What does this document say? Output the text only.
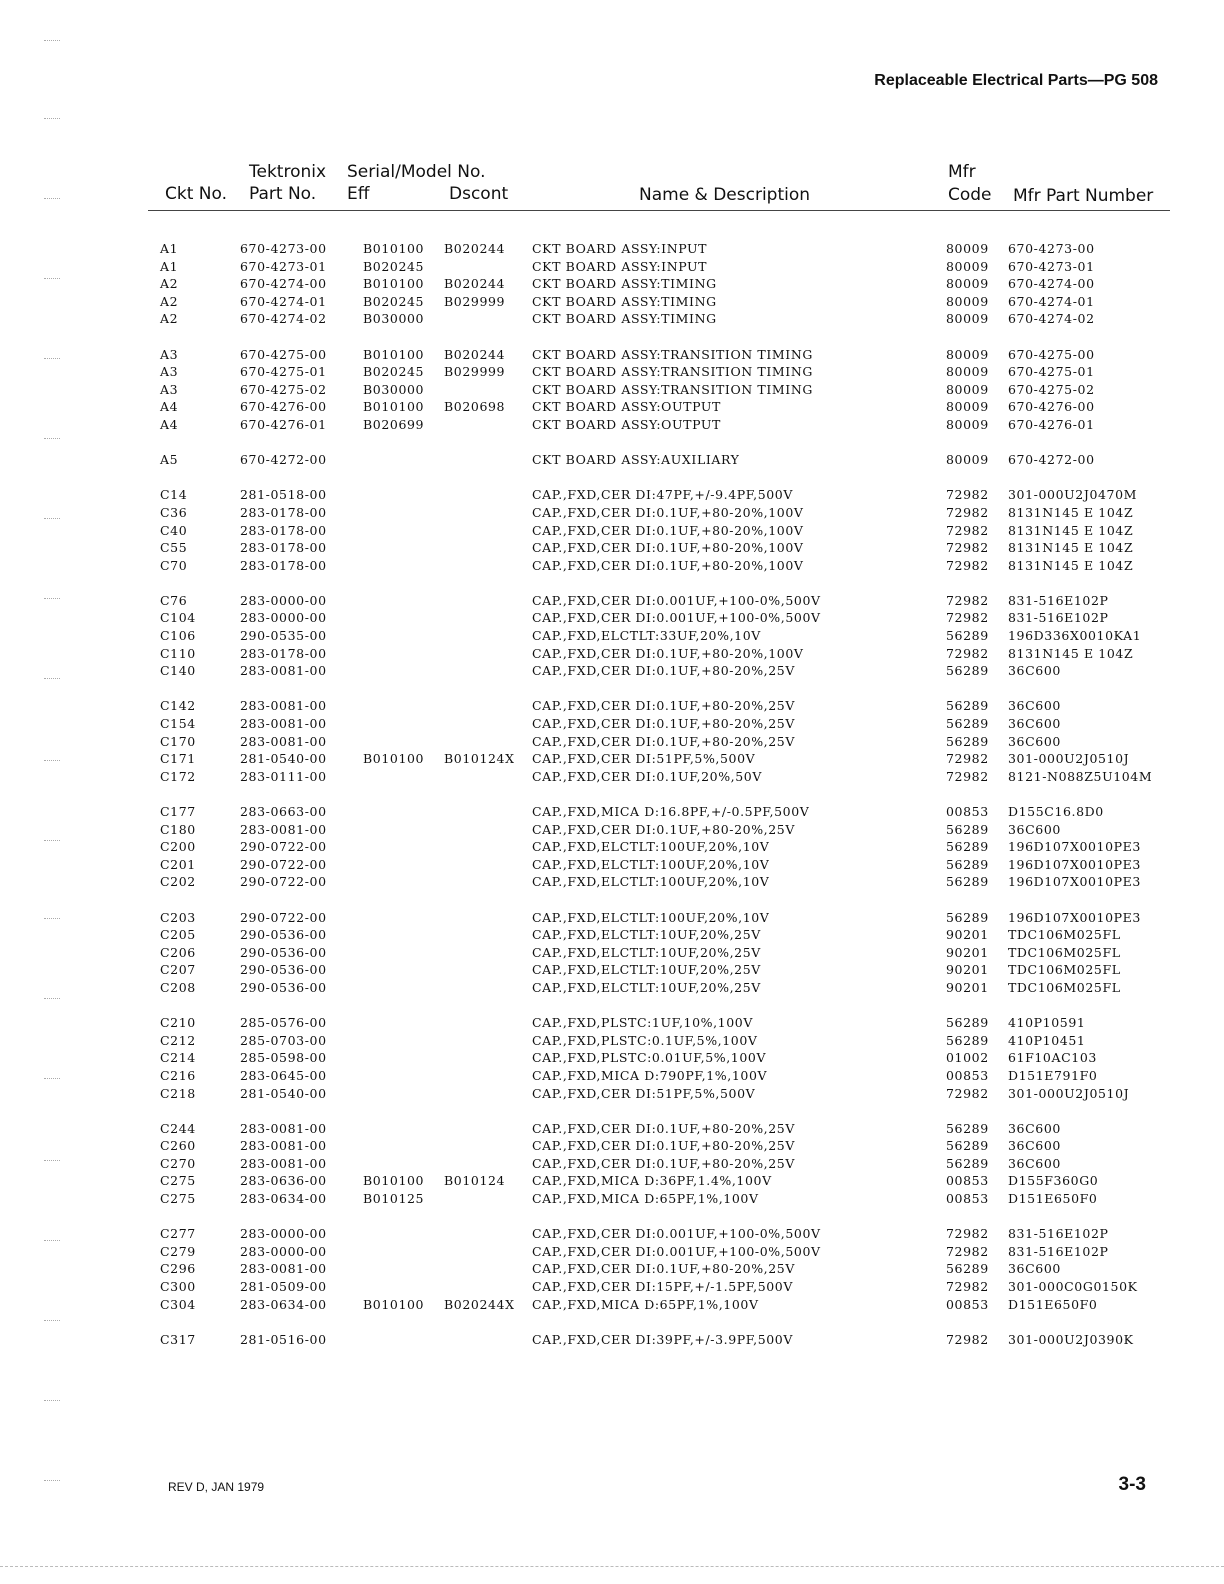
Replaceable Electrical Parts—PG 508
Tektronix Serial/Model No.	Mfr
Ckt No. Part No. Eff	Dscont	Name & Description	Code Mfr Part Number
A1	670-4273-00	B010100 B020244 CKT BOARD ASSY:INPUT	80009 670-4273-00
A1	670-4273-01	B020245	CKT BOARD ASSY:INPUT	80009 670-4273-01
A2	670-4274-00	B010100 B020244 CKT BOARD ASSY:TIMING	80009 670-4274-00
A2	670-4274-01	B020245 B029999 CKT BOARD ASSY:TIMING	80009 670-4274-01
A2	670-4274-02	B030000	CKT BOARD ASSY:TIMING	80009 670-4274-02
A3	670-4275-00	B010100 B020244 CKT BOARD ASSY:TRANSITION TIMING	80009 670-4275-00
A3	670-4275-01	B020245 B029999 CKT BOARD ASSY:TRANSITION TIMING	80009 670-4275-01
A3	670-4275-02	B030000	CKT BOARD ASSY:TRANSITION TIMING	80009 670-4275-02
A4	670-4276-00	B010100 B020698 CKT BOARD ASSY:OUTPUT	80009 670-4276-00
A4	670-4276-01	B020699	CKT BOARD ASSY:OUTPUT	80009 670-4276-01
A5	670-4272-00	CKT BOARD ASSY:AUXILIARY	80009 670-4272-00
C14	281-0518-00	CAP.,FXD,CER DI:47PF,+/-9.4PF,500V	72982 301-000U2J0470M
C36	283-0178-00	CAP.,FXD,CER DI:0.1UF,+80-20%,100V	72982 8131N145 E 104Z
C40	283-0178-00	CAP.,FXD,CER DI:0.1UF,+80-20%,100V	72982 8131N145 E 104Z
C55	283-0178-00	CAP.,FXD,CER DI:0.1UF,+80-20%,100V	72982 8131N145 E 104Z
C70	283-0178-00	CAP.,FXD,CER DI:0.1UF,+80-20%,100V	72982 8131N145 E 104Z
C76	283-0000-00	CAP.,FXD,CER DI:0.001UF,+100-0%,500V	72982 831-516E102P
C104	283-0000-00	CAP.,FXD,CER DI:0.001UF,+100-0%,500V	72982 831-516E102P
C106	290-0535-00	CAP.,FXD,ELCTLT:33UF,20%,10V	56289 196D336X0010KA1
C110	283-0178-00	CAP.,FXD,CER DI:0.1UF,+80-20%,100V	72982 8131N145 E 104Z
C140	283-0081-00	CAP.,FXD,CER DI:0.1UF,+80-20%,25V	56289 36C600
C142	283-0081-00	CAP.,FXD,CER DI:0.1UF,+80-20%,25V	56289 36C600
C154	283-0081-00	CAP.,FXD,CER DI:0.1UF,+80-20%,25V	56289 36C600
C170	283-0081-00	CAP.,FXD,CER DI:0.1UF,+80-20%,25V	56289 36C600
C171	281-0540-00	B010100 B010124X CAP.,FXD,CER DI:51PF,5%,500V	72982 301-000U2J0510J
C172	283-0111-00	CAP.,FXD,CER DI:0.1UF,20%,50V	72982 8121-N088Z5U104M
C177	283-0663-00	CAP.,FXD,MICA D:16.8PF,+/-0.5PF,500V	00853 D155C16.8D0
C180	283-0081-00	CAP.,FXD,CER DI:0.1UF,+80-20%,25V	56289 36C600
C200	290-0722-00	CAP.,FXD,ELCTLT:100UF,20%,10V	56289 196D107X0010PE3
C201	290-0722-00	CAP.,FXD,ELCTLT:100UF,20%,10V	56289 196D107X0010PE3
C202	290-0722-00	CAP.,FXD,ELCTLT:100UF,20%,10V	56289 196D107X0010PE3
C203	290-0722-00	CAP.,FXD,ELCTLT:100UF,20%,10V	56289 196D107X0010PE3
C205	290-0536-00	CAP.,FXD,ELCTLT:10UF,20%,25V	90201 TDC106M025FL
C206	290-0536-00	CAP.,FXD,ELCTLT:10UF,20%,25V	90201 TDC106M025FL
C207	290-0536-00	CAP.,FXD,ELCTLT:10UF,20%,25V	90201 TDC106M025FL
C208	290-0536-00	CAP.,FXD,ELCTLT:10UF,20%,25V	90201 TDC106M025FL
C210	285-0576-00	CAP.,FXD,PLSTC:1UF,10%,100V	56289 410P10591
C212	285-0703-00	CAP.,FXD,PLSTC:0.1UF,5%,100V	56289 410P10451
C214	285-0598-00	CAP.,FXD,PLSTC:0.01UF,5%,100V	01002 61F10AC103
C216	283-0645-00	CAP.,FXD,MICA D:790PF,1%,100V	00853 D151E791F0
C218	281-0540-00	CAP.,FXD,CER DI:51PF,5%,500V	72982 301-000U2J0510J
C244	283-0081-00	CAP.,FXD,CER DI:0.1UF,+80-20%,25V	56289 36C600
C260	283-0081-00	CAP.,FXD,CER DI:0.1UF,+80-20%,25V	56289 36C600
C270	283-0081-00	CAP.,FXD,CER DI:0.1UF,+80-20%,25V	56289 36C600
C275	283-0636-00	B010100 B010124 CAP.,FXD,MICA D:36PF,1.4%,100V	00853 D155F360G0
C275	283-0634-00	B010125	CAP.,FXD,MICA D:65PF,1%,100V	00853 D151E650F0
C277	283-0000-00	CAP.,FXD,CER DI:0.001UF,+100-0%,500V	72982 831-516E102P
C279	283-0000-00	CAP.,FXD,CER DI:0.001UF,+100-0%,500V	72982 831-516E102P
C296	283-0081-00	CAP.,FXD,CER DI:0.1UF,+80-20%,25V	56289 36C600
C300	281-0509-00	CAP.,FXD,CER DI:15PF,+/-1.5PF,500V	72982 301-000C0G0150K
C304	283-0634-00	B010100 B020244X CAP.,FXD,MICA D:65PF,1%,100V	00853 D151E650F0
C317	281-0516-00	CAP.,FXD,CER DI:39PF,+/-3.9PF,500V	72982 301-000U2J0390K
REV D, JAN 1979	3-3
